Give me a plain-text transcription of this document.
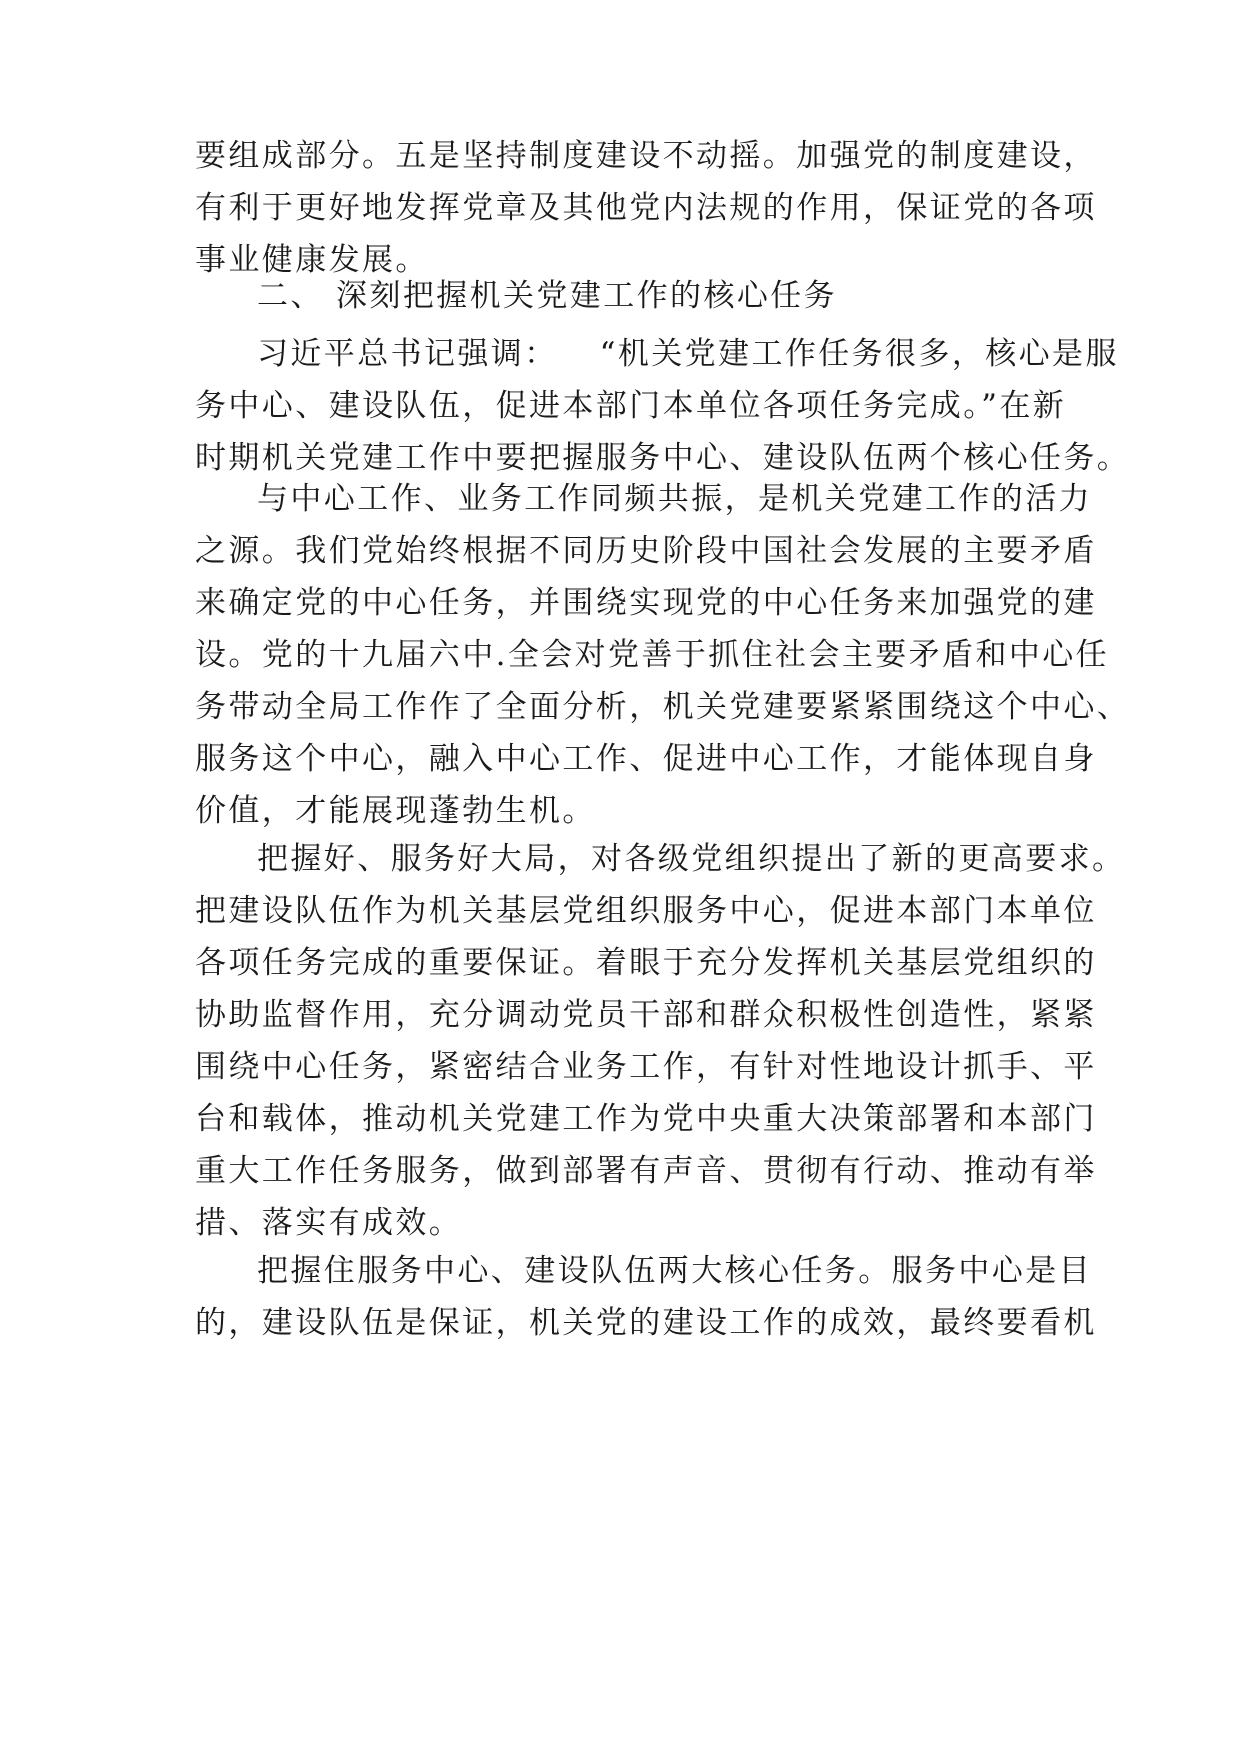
要组成部分。五是坚持制度建设不动摇。加强党的制度建设，
有利于更好地发挥党章及其他党内法规的作用，保证党的各项
事业健康发展。
二、 深刻把握机关党建工作的核心任务
习近平总书记强调： “机关党建工作任务很多，核心是服
务中心、建设队伍，促进本部门本单位各项任务完成。”在新
时期机关党建工作中要把握服务中心、建设队伍两个核心任务。
与中心工作、业务工作同频共振，是机关党建工作的活力
之源。我们党始终根据不同历史阶段中国社会发展的主要矛盾
来确定党的中心任务，并围绕实现党的中心任务来加强党的建
设。党的十九届六中.全会对党善于抓住社会主要矛盾和中心任
务带动全局工作作了全面分析，机关党建要紧紧围绕这个中心、
服务这个中心，融入中心工作、促进中心工作，才能体现自身
价值，才能展现蓬勃生机。
把握好、服务好大局，对各级党组织提出了新的更高要求。
把建设队伍作为机关基层党组织服务中心，促进本部门本单位
各项任务完成的重要保证。着眼于充分发挥机关基层党组织的
协助监督作用，充分调动党员干部和群众积极性创造性，紧紧
围绕中心任务，紧密结合业务工作，有针对性地设计抓手、平
台和载体，推动机关党建工作为党中央重大决策部署和本部门
重大工作任务服务，做到部署有声音、贯彻有行动、推动有举
措、落实有成效。
把握住服务中心、建设队伍两大核心任务。服务中心是目
的，建设队伍是保证，机关党的建设工作的成效，最终要看机
